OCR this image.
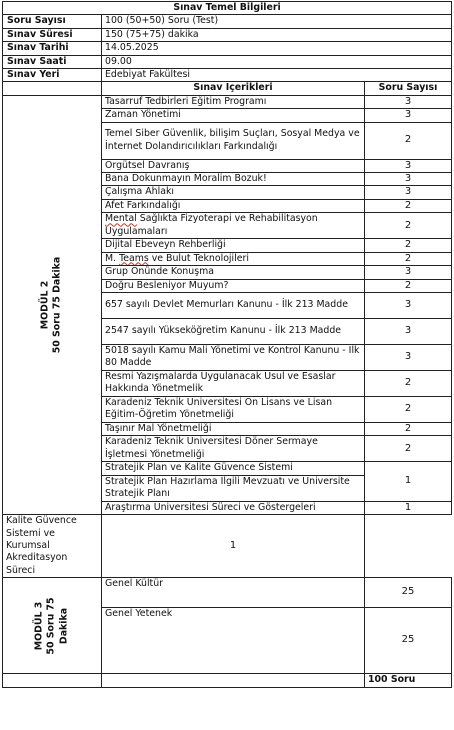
Sınav Temel Bilgileri	
Soru Sayısı	100 (50+50) Soru (Test)
Sınav Süresi	150 (75+75) dakika
Sınav Tarihi	14.05.2025
Sınav Saati	09.00
Sınav Yeri	Edebiyat Fakültesi
	Sınav İçerikleri	Soru Sayısı

MODÜL 2 50 Soru 75 Dakika	Tasarruf Tedbirleri Eğitim Programı	3
	Zaman Yönetimi	3
	Temel Siber Güvenlik, bilişim Suçları, Sosyal Medya ve İnternet Dolandırıcılıkları Farkındalığı	2
	Örgütsel Davranış	3
	Bana Dokunmayın Moralim Bozuk!	3
	Çalışma Ahlakı	3
	Afet Farkındalığı	2
	Mental Sağlıkta Fizyoterapi ve Rehabilitasyon Uygulamaları	2
	Dijital Ebeveyn Rehberliği	2
	M. Teams ve Bulut Teknolojileri	2
	Grup Önünde Konuşma	3
	Doğru Besleniyor Muyum?	2
	657 sayılı Devlet Memurları Kanunu - İlk 213 Madde	3
	2547 sayılı Yükseköğretim Kanunu - İlk 213 Madde	3
	5018 sayılı Kamu Mali Yönetimi ve Kontrol Kanunu - İlk 80 Madde	3
	Resmi Yazışmalarda Uygulanacak Usul ve Esaslar Hakkında Yönetmelik	2
	Karadeniz Teknik Üniversitesi Ön Lisans ve Lisan Eğitim-Öğretim Yönetmeliği	2
	Taşınır Mal Yönetmeliği	2
	Karadeniz Teknik Üniversitesi Döner Sermaye İşletmesi Yönetmeliği	2
	Stratejik Plan ve Kalite Güvence Sistemi	1
	Stratejik Plan Hazırlama İlgili Mevzuatı ve Üniversite Stratejik Planı	
	Araştırma Üniversitesi Süreci ve Göstergeleri	1
Kalite Güvence Sistemi ve Kurumsal Akreditasyon Süreci	1	

MODÜL 3 50 Soru 75 Dakika	Genel Kültür	25
	Genel Yetenek	25
		100 Soru
